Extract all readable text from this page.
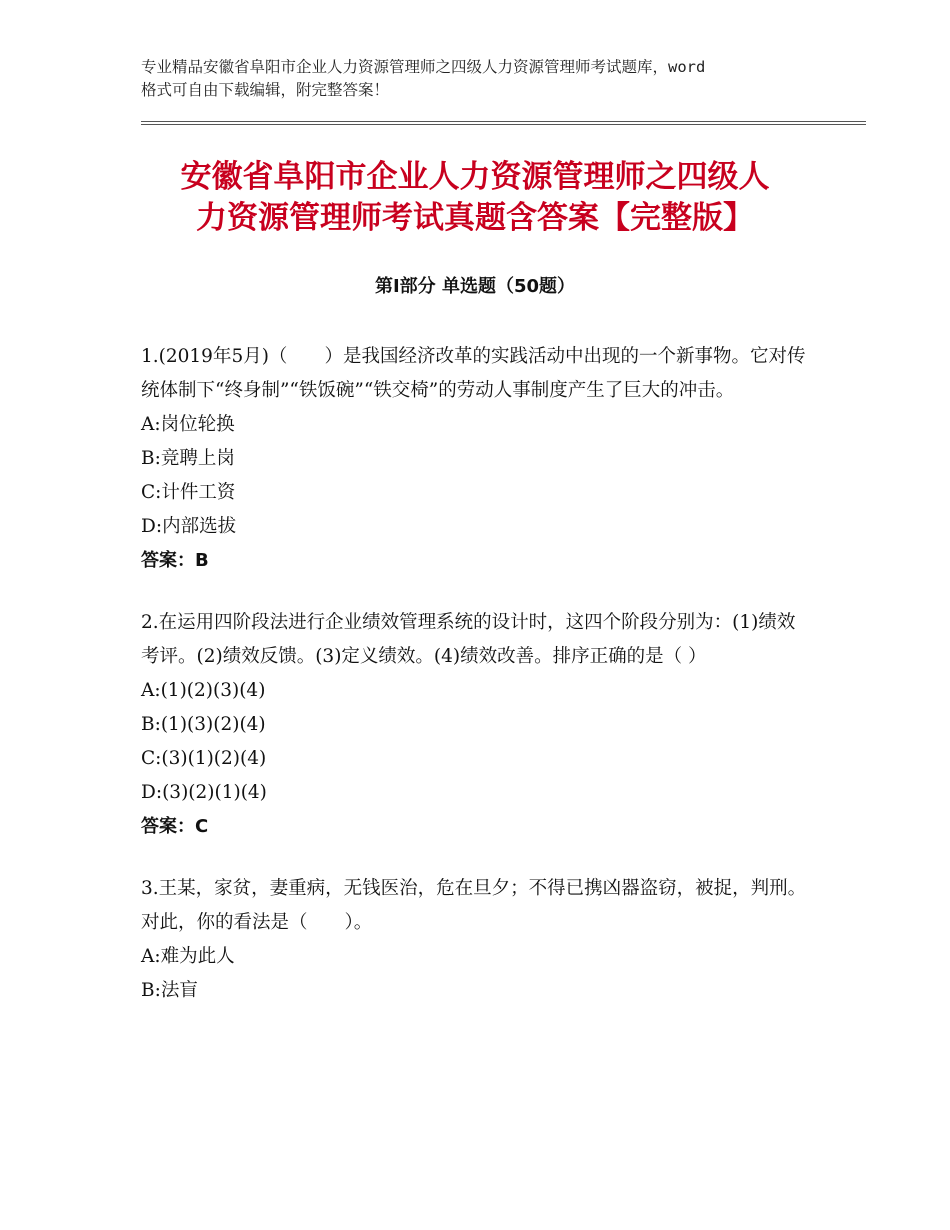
专业精品安徽省阜阳市企业人力资源管理师之四级人力资源管理师考试题库，word
格式可自由下载编辑，附完整答案！
安徽省阜阳市企业人力资源管理师之四级人
力资源管理师考试真题含答案【完整版】
第Ⅰ部分 单选题（50题）

1.(2019年5月)（　　）是我国经济改革的实践活动中出现的一个新事物。它对传统体制下“终身制”“铁饭碗”“铁交椅”的劳动人事制度产生了巨大的冲击。

A: 岗位轮换

B: 竞聘上岗

C: 计件工资

D: 内部选拔

答案：B

2.在运用四阶段法进行企业绩效管理系统的设计时，这四个阶段分别为：(1)绩效考评。(2)绩效反馈。(3)定义绩效。(4)绩效改善。排序正确的是（ ）

A: (1)(2)(3)(4)

B: (1)(3)(2)(4)

C: (3)(1)(2)(4)

D: (3)(2)(1)(4)

答案：C

3.王某，家贫，妻重病，无钱医治，危在旦夕；不得已携凶器盗窃，被捉，判刑。对此，你的看法是（　　）。

A: 难为此人

B: 法盲
